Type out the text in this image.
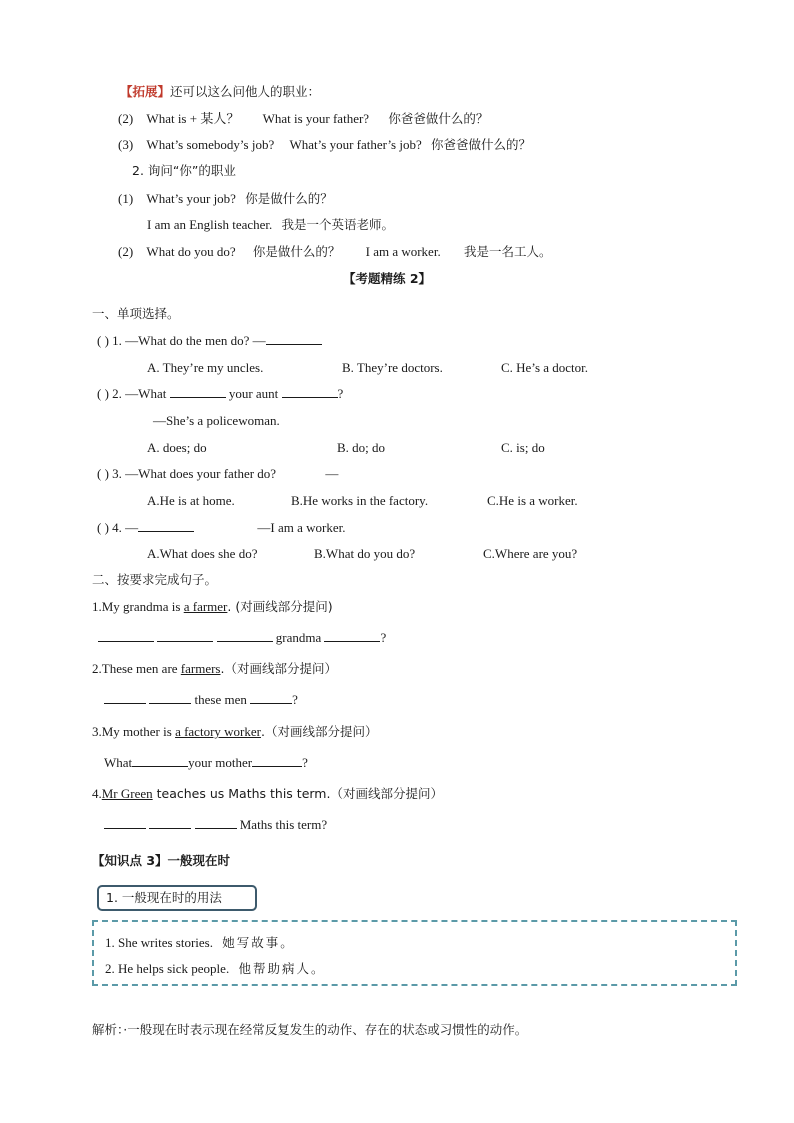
【拓展】还可以这么问他人的职业：
(2) What is + 某人？ What is your father? 你爸爸做什么的？
(3) What’s somebody’s job? What’s your father’s job? 你爸爸做什么的？
2. 询问“你”的职业
(1) What’s your job? 你是做什么的？
I am an English teacher. 我是一个英语老师。
(2) What do you do? 你是做什么的？ I am a worker. 我是一名工人。
【考题精练 2】
一、单项选择。
( ) 1. —What do the men do? —
A. They’re my uncles.	B. They’re doctors.	C. He’s a doctor.
( ) 2. —What	your aunt	?
—She’s a policewoman.
A. does; do	B. do; do	C. is; do
( ) 3. —What does your father do?	—
A.He is at home.	B.He works in the factory.	C.He is a worker.
( ) 4. —	—I am a worker.
A.What does she do?	B.What do you do?	C.Where are you?
二、按要求完成句子。
1.My grandma is a farmer. (对画线部分提问)
grandma	?
2.These men are farmers.（对画线部分提问）
these men	?
3.My mother is a factory worker.（对画线部分提问）
What	your mother	?
4.Mr Green teaches us Maths this term.（对画线部分提问）
Maths this term?
【知识点 3】一般现在时
1. 一般现在时的用法
1. She writes stories. 她写故事。
2. He helps sick people. 他帮助病人。
解析：·一般现在时表示现在经常反复发生的动作、存在的状态或习惯性的动作。
